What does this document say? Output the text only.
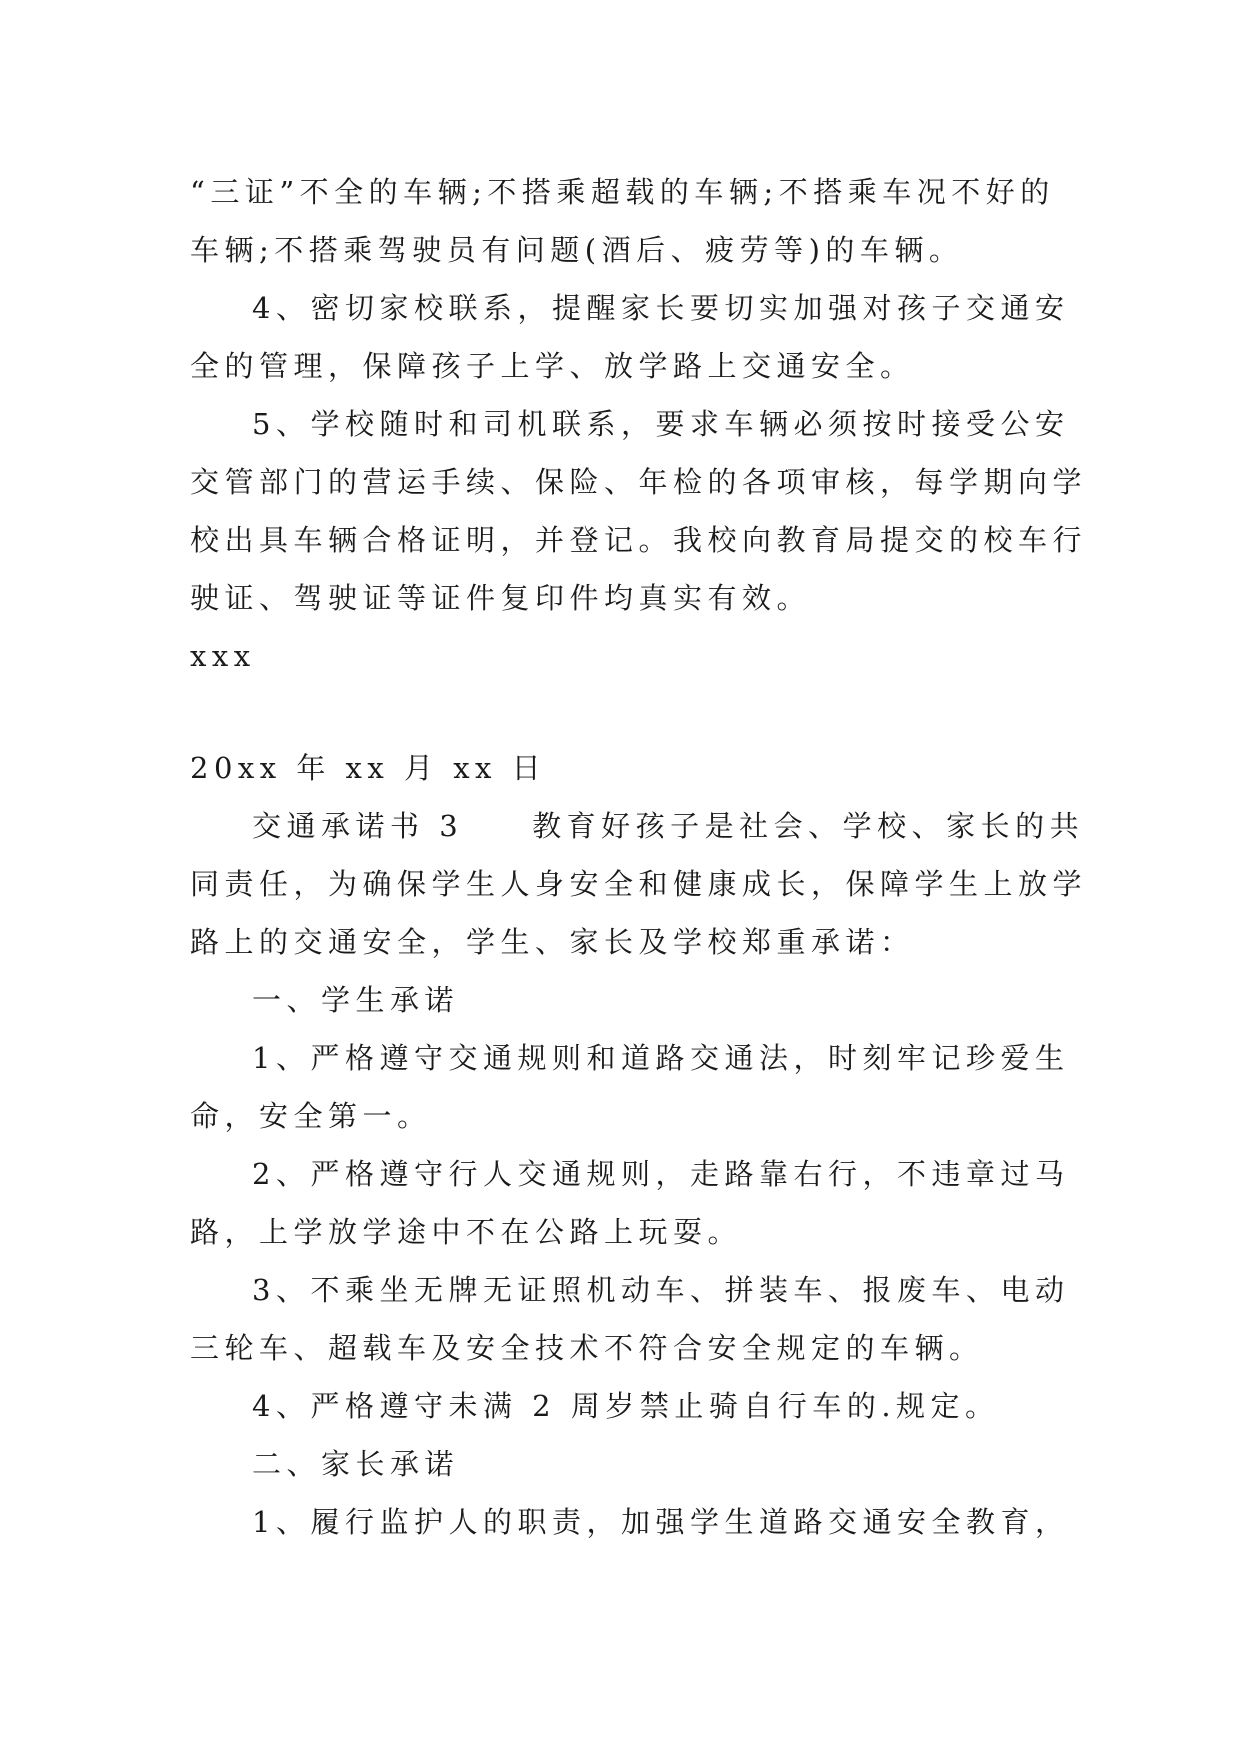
“三证”不全的车辆;不搭乘超载的车辆;不搭乘车况不好的
车辆;不搭乘驾驶员有问题(酒后、疲劳等)的车辆。
4、密切家校联系，提醒家长要切实加强对孩子交通安
全的管理，保障孩子上学、放学路上交通安全。
5、学校随时和司机联系，要求车辆必须按时接受公安
交管部门的营运手续、保险、年检的各项审核，每学期向学
校出具车辆合格证明，并登记。我校向教育局提交的校车行
驶证、驾驶证等证件复印件均真实有效。
xxx
20xx 年 xx 月 xx 日
交通承诺书 3　　教育好孩子是社会、学校、家长的共
同责任，为确保学生人身安全和健康成长，保障学生上放学
路上的交通安全，学生、家长及学校郑重承诺：
一、学生承诺
1、严格遵守交通规则和道路交通法，时刻牢记珍爱生
命，安全第一。
2、严格遵守行人交通规则，走路靠右行，不违章过马
路，上学放学途中不在公路上玩耍。
3、不乘坐无牌无证照机动车、拼装车、报废车、电动
三轮车、超载车及安全技术不符合安全规定的车辆。
4、严格遵守未满 2 周岁禁止骑自行车的.规定。
二、家长承诺
1、履行监护人的职责，加强学生道路交通安全教育，
